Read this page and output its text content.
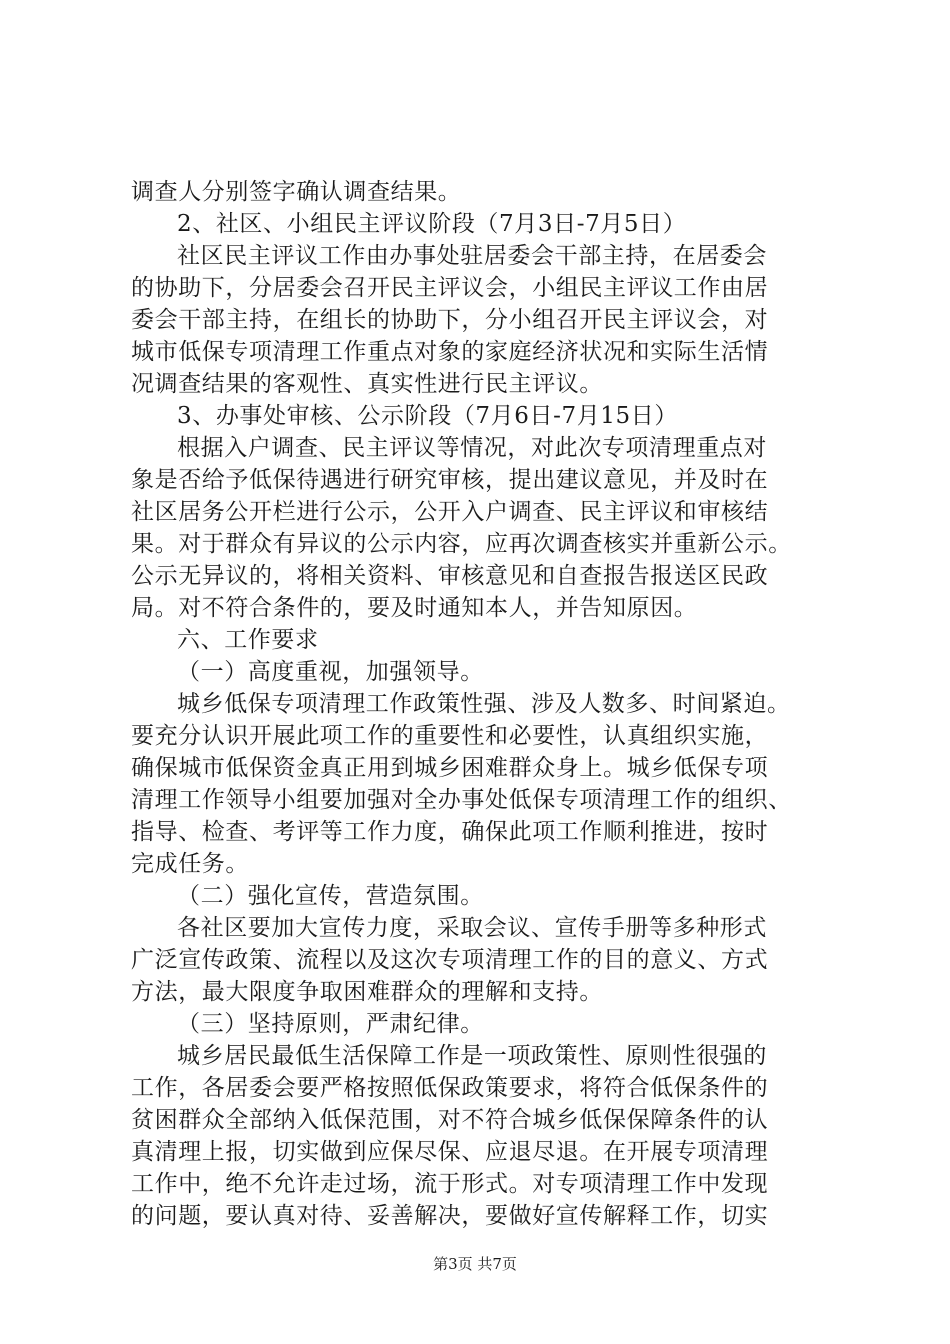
调查人分别签字确认调查结果。
2、社区、小组民主评议阶段（7月3日-7月5日）
社区民主评议工作由办事处驻居委会干部主持，在居委会
的协助下，分居委会召开民主评议会，小组民主评议工作由居
委会干部主持，在组长的协助下，分小组召开民主评议会，对
城市低保专项清理工作重点对象的家庭经济状况和实际生活情
况调查结果的客观性、真实性进行民主评议。
3、办事处审核、公示阶段（7月6日-7月15日）
根据入户调查、民主评议等情况，对此次专项清理重点对
象是否给予低保待遇进行研究审核，提出建议意见，并及时在
社区居务公开栏进行公示，公开入户调查、民主评议和审核结
果。对于群众有异议的公示内容，应再次调查核实并重新公示。
公示无异议的，将相关资料、审核意见和自查报告报送区民政
局。对不符合条件的，要及时通知本人，并告知原因。
六、工作要求
（一）高度重视，加强领导。
城乡低保专项清理工作政策性强、涉及人数多、时间紧迫。
要充分认识开展此项工作的重要性和必要性，认真组织实施，
确保城市低保资金真正用到城乡困难群众身上。城乡低保专项
清理工作领导小组要加强对全办事处低保专项清理工作的组织、
指导、检查、考评等工作力度，确保此项工作顺利推进，按时
完成任务。
（二）强化宣传，营造氛围。
各社区要加大宣传力度，采取会议、宣传手册等多种形式
广泛宣传政策、流程以及这次专项清理工作的目的意义、方式
方法，最大限度争取困难群众的理解和支持。
（三）坚持原则，严肃纪律。
城乡居民最低生活保障工作是一项政策性、原则性很强的
工作，各居委会要严格按照低保政策要求，将符合低保条件的
贫困群众全部纳入低保范围，对不符合城乡低保保障条件的认
真清理上报，切实做到应保尽保、应退尽退。在开展专项清理
工作中，绝不允许走过场，流于形式。对专项清理工作中发现
的问题，要认真对待、妥善解决，要做好宣传解释工作，切实
第3页 共7页
